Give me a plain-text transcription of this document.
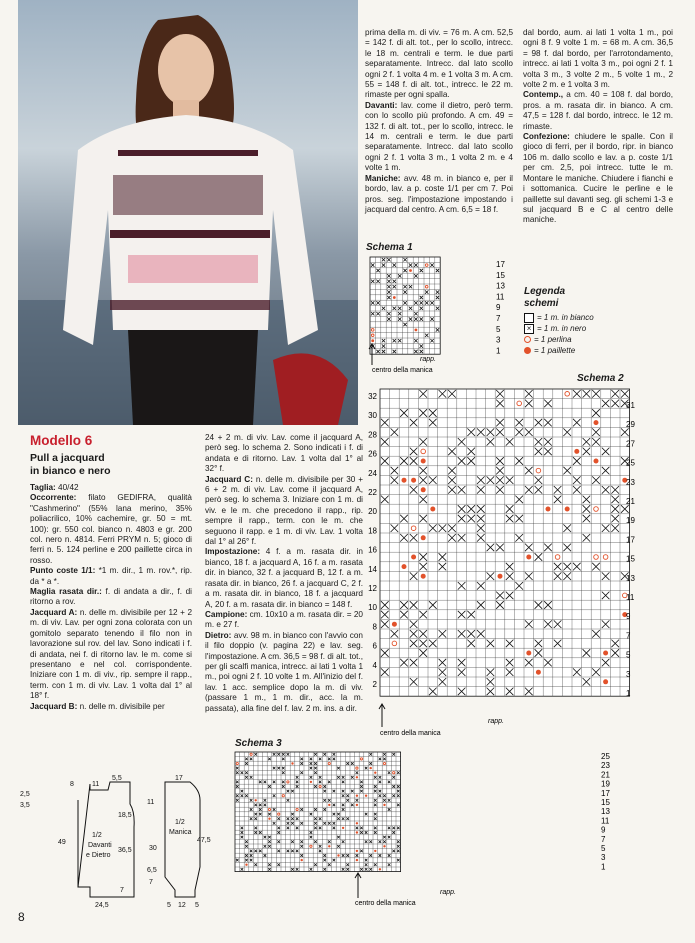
Modello 6
Pull a jacquard
in bianco e nero

Taglia: 40/42

Occorrente: filato GEDIFRA, qualità "Cashmerino" (55% lana merino, 35% poliacrilico, 10% cachemire, gr. 50 = mt. 100): gr. 550 col. bianco n. 4803 e gr. 200 col. nero n. 4814. Ferri PRYM n. 5; gioco di ferri n. 5. 124 perline e 200 paillette circa in rosso.

Punto coste 1/1: *1 m. dir., 1 m. rov.*, rip. da * a *.

Maglia rasata dir.: f. di andata a dir., f. di ritorno a rov.

Jacquard A: n. delle m. divisibile per 12 + 2 m. di viv. Lav. per ogni zona colorata con un gomitolo separato tenendo il filo non in lavorazione sul rov. del lav. Sono indicati i f. di andata, nei f. di ritorno lav. le m. come si presentano e nel col. corrispondente. Iniziare con 1 m. di viv., rip. sempre il rapp., term. con 1 m. di viv. Lav. 1 volta dal 1° al 18° f.

Jacquard B: n. delle m. divisibile per

24 + 2 m. di viv. Lav. come il jacquard A, però seg. lo schema 2. Sono indicati i f. di andata e di ritorno. Lav. 1 volta dal 1° al 32° f.

Jacquard C: n. delle m. divisibile per 30 + 6 + 2 m. di viv. Lav. come il jacquard A, però seg. lo schema 3. Iniziare con 1 m. di viv. e le m. che precedono il rapp., rip. sempre il rapp., term. con le m. che seguono il rapp. e 1 m. di viv. Lav. 1 volta dal 1° al 26° f.

Impostazione: 4 f. a m. rasata dir. in bianco, 18 f. a jacquard A, 16 f. a m. rasata dir. in bianco, 32 f. a jacquard B, 12 f. a m. rasata dir. in bianco, 26 f. a jacquard C, 2 f. a m. rasata dir. in bianco, 18 f. a jacquard A, 20 f. a m. rasata dir. in bianco = 148 f.

Campione: cm. 10x10 a m. rasata dir. = 20 m. e 27 f.

Dietro: avv. 98 m. in bianco con l'avvio con il filo doppio (v. pagina 22) e lav. seg. l'impostazione. A cm. 36,5 = 98 f. di alt. tot., per gli scalfi manica, intrecc. ai lati 1 volta 1 m., poi ogni 2 f. 10 volte 1 m. All'inizio del f. lav. 1 acc. semplice dopo la m. di viv. (passare 1 m., 1 m. dir., acc. la m. passata), alla fine del f. lav. 2 m. ins. a dir.

prima della m. di viv. = 76 m. A cm. 52,5 = 142 f. di alt. tot., per lo scollo, intrecc. le 18 m. centrali e term. le due parti separatamente. Intrecc. dal lato scollo ogni 2 f. 1 volta 4 m. e 1 volta 3 m. A cm. 55 = 148 f. di alt. tot., intrecc. le 22 m. rimaste per ogni spalla.

Davanti: lav. come il dietro, però term. con lo scollo più profondo. A cm. 49 = 132 f. di alt. tot., per lo scollo, intrecc. le 14 m. centrali e term. le due parti separatamente. Intrecc. dal lato scollo ogni 2 f. 1 volta 3 m., 1 volta 2 m. e 4 volte 1 m.

Maniche: avv. 48 m. in bianco e, per il bordo, lav. a p. coste 1/1 per cm 7. Poi pros. seg. l'impostazione impostando i jacquard dal centro. A cm. 6,5 = 18 f.

dal bordo, aum. ai lati 1 volta 1 m., poi ogni 8 f. 9 volte 1 m. = 68 m. A cm. 36,5 = 98 f. dal bordo, per l'arrotondamento, intrecc. ai lati 1 volta 3 m., poi ogni 2 f. 1 volta 3 m., 3 volte 2 m., 5 volte 1 m., 2 volte 2 m. e 1 volta 3 m.

Contemp., a cm. 40 = 108 f. dal bordo, pros. a m. rasata dir. in bianco. A cm. 47,5 = 128 f. dal bordo, intrecc. le 12 m. rimaste.

Confezione: chiudere le spalle. Con il gioco di ferri, per il bordo, ripr. in bianco 106 m. dallo scollo e lav. a p. coste 1/1 per cm. 2,5, poi intrecc. tutte le m. Montare le maniche. Chiudere i fianchi e i sottomanica. Cucire le perline e le paillette sul davanti seg. gli schemi 1-3 e sul jacquard B e C al centro delle maniche.

Schema 1
17
15
13
11
9
7
5
3
1
rapp.
centro della manica
Legenda
schemi
= 1 m. in bianco
× = 1 m. in nero
= 1 perlina
= 1 paillette
Schema 2
32
30
28
26
24
22
20
18
16
14
12
10
8
6
4
2
31
29
27
25
23
21
19
17
15
13
11
9
7
5
3
1
rapp.
centro della manica
Schema 3
25
23
21
19
17
15
13
11
9
7
5
3
1
rapp.
centro della manica
2,5
3,5
8	11
5,5
18,5
49
1/2
Davanti
e Dietro
36,5
7
24,5
17
11
1/2
Manica
47,5
30
6,5
7
5 12 5
8
